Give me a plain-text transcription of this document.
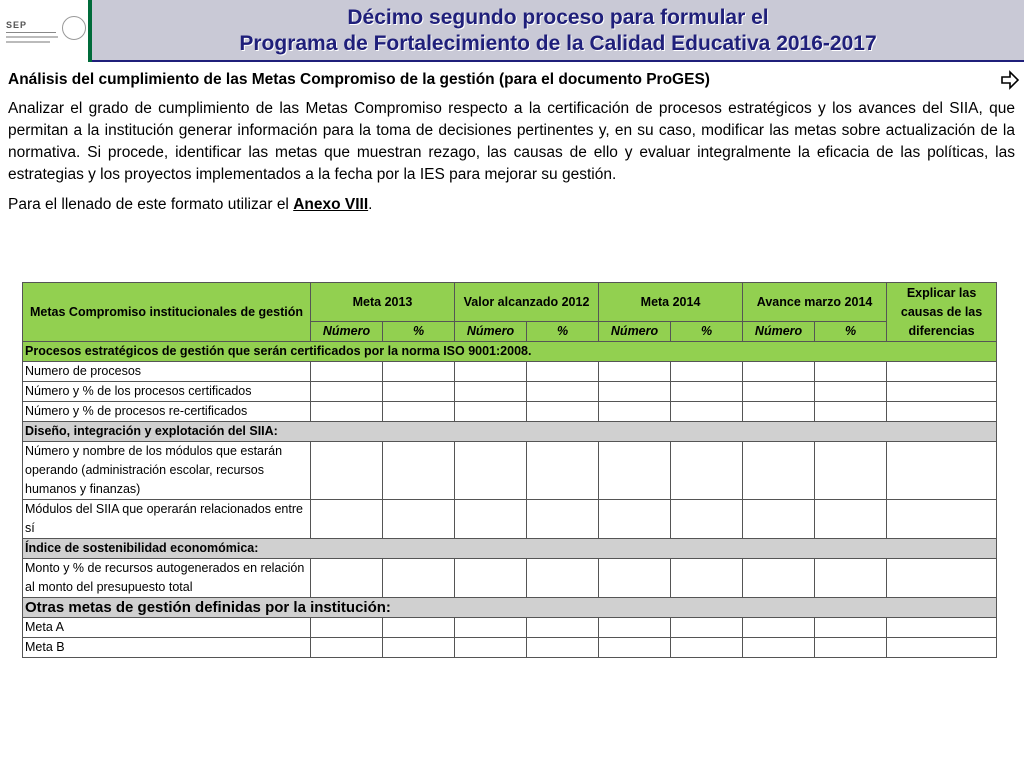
SEP	Décimo segundo proceso para formular el
Programa de Fortalecimiento de la Calidad Educativa 2016-2017

Análisis del cumplimiento de las Metas Compromiso de la gestión (para el documento ProGES)

Analizar el grado de cumplimiento de las Metas Compromiso respecto a la certificación de procesos estratégicos y los avances del SIIA, que permitan a la institución generar información para la toma de decisiones pertinentes y, en su caso, modificar las metas sobre actualización de la normativa. Si procede, identificar las metas que muestran rezago, las causas de ello y evaluar integralmente la eficacia de las políticas, las estrategias y los proyectos implementados a la fecha por la IES para mejorar su gestión.

Para el llenado de este formato utilizar el Anexo VIII.

Metas Compromiso institucionales de gestión	Meta 2013		Valor alcanzado 2012		Meta 2014		Avance marzo 2014		Explicar las causas de las diferencias
	Número	%	Número	%	Número	%	Número	%	
Procesos estratégicos de gestión que serán certificados por la norma ISO 9001:2008.									
Numero de procesos									
Número y % de los procesos certificados									
Número y % de procesos re-certificados									
Diseño, integración y explotación del SIIA:									
Número y nombre de los módulos que estarán operando (administración escolar, recursos humanos y finanzas)									
Módulos del SIIA que operarán relacionados entre sí									
Índice de sostenibilidad economómica:									
Monto y % de recursos autogenerados en relación al monto del presupuesto total									
Otras metas de gestión definidas por la institución:									
Meta A									
Meta B									
